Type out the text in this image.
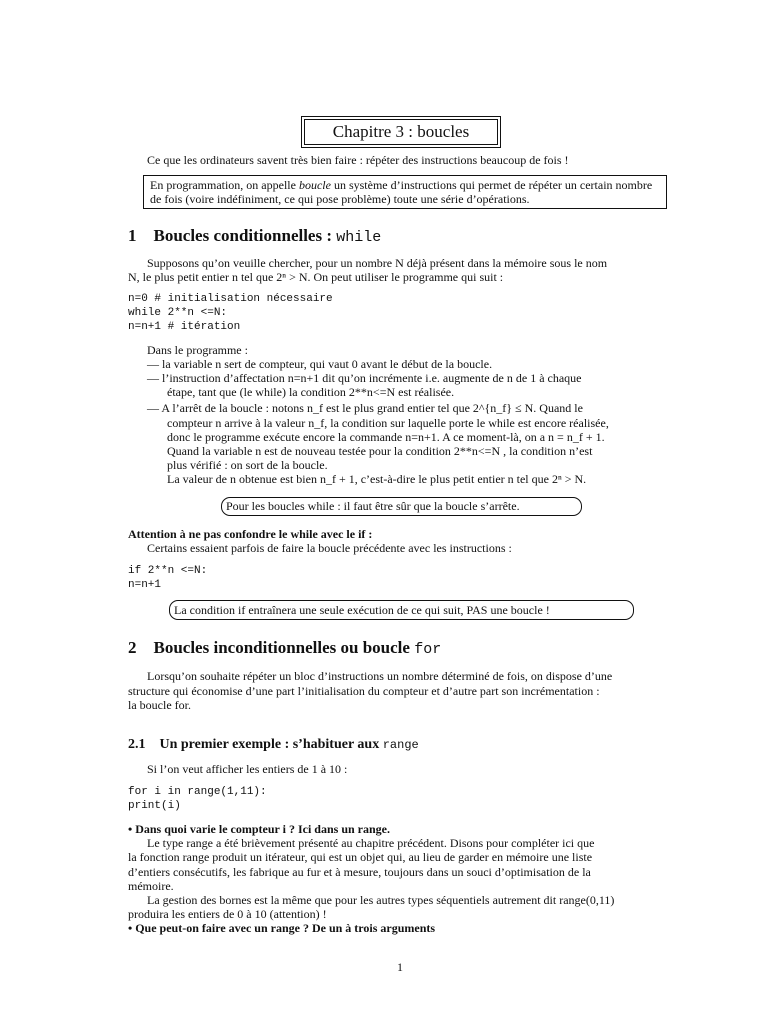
Chapitre 3 : boucles
Ce que les ordinateurs savent très bien faire : répéter des instructions beaucoup de fois !
En programmation, on appelle boucle un système d’instructions qui permet de répéter un certain nombre de fois (voire indéfiniment, ce qui pose problème) toute une série d’opérations.
1 Boucles conditionnelles : while
Supposons qu’on veuille chercher, pour un nombre N déjà présent dans la mémoire sous le nom
N, le plus petit entier n tel que 2ⁿ > N. On peut utiliser le programme qui suit :
n=0 # initialisation nécessaire
while 2**n <=N:
n=n+1 # itération
Dans le programme :
— la variable n sert de compteur, qui vaut 0 avant le début de la boucle.
— l’instruction d’affectation n=n+1 dit qu’on incrémente i.e. augmente de n de 1 à chaque
étape, tant que (le while) la condition 2**n<=N est réalisée.
— A l’arrêt de la boucle : notons n_f est le plus grand entier tel que 2^{n_f} ≤ N. Quand le
compteur n arrive à la valeur n_f, la condition sur laquelle porte le while est encore réalisée,
donc le programme exécute encore la commande n=n+1. A ce moment-là, on a n = n_f + 1.
Quand la variable n est de nouveau testée pour la condition 2**n<=N , la condition n’est
plus vérifié : on sort de la boucle.
La valeur de n obtenue est bien n_f + 1, c’est-à-dire le plus petit entier n tel que 2ⁿ > N.
Pour les boucles while : il faut être sûr que la boucle s’arrête.
Attention à ne pas confondre le while avec le if :
Certains essaient parfois de faire la boucle précédente avec les instructions :
if 2**n <=N:
n=n+1
La condition if entraînera une seule exécution de ce qui suit, PAS une boucle !
2 Boucles inconditionnelles ou boucle for
Lorsqu’on souhaite répéter un bloc d’instructions un nombre déterminé de fois, on dispose d’une
structure qui économise d’une part l’initialisation du compteur et d’autre part son incrémentation :
la boucle for.
2.1 Un premier exemple : s’habituer aux range
Si l’on veut afficher les entiers de 1 à 10 :
for i in range(1,11):
print(i)
• Dans quoi varie le compteur i ? Ici dans un range.
Le type range a été brièvement présenté au chapitre précédent. Disons pour compléter ici que
la fonction range produit un itérateur, qui est un objet qui, au lieu de garder en mémoire une liste
d’entiers consécutifs, les fabrique au fur et à mesure, toujours dans un souci d’optimisation de la
mémoire.
La gestion des bornes est la même que pour les autres types séquentiels autrement dit range(0,11)
produira les entiers de 0 à 10 (attention) !
• Que peut-on faire avec un range ? De un à trois arguments
1
